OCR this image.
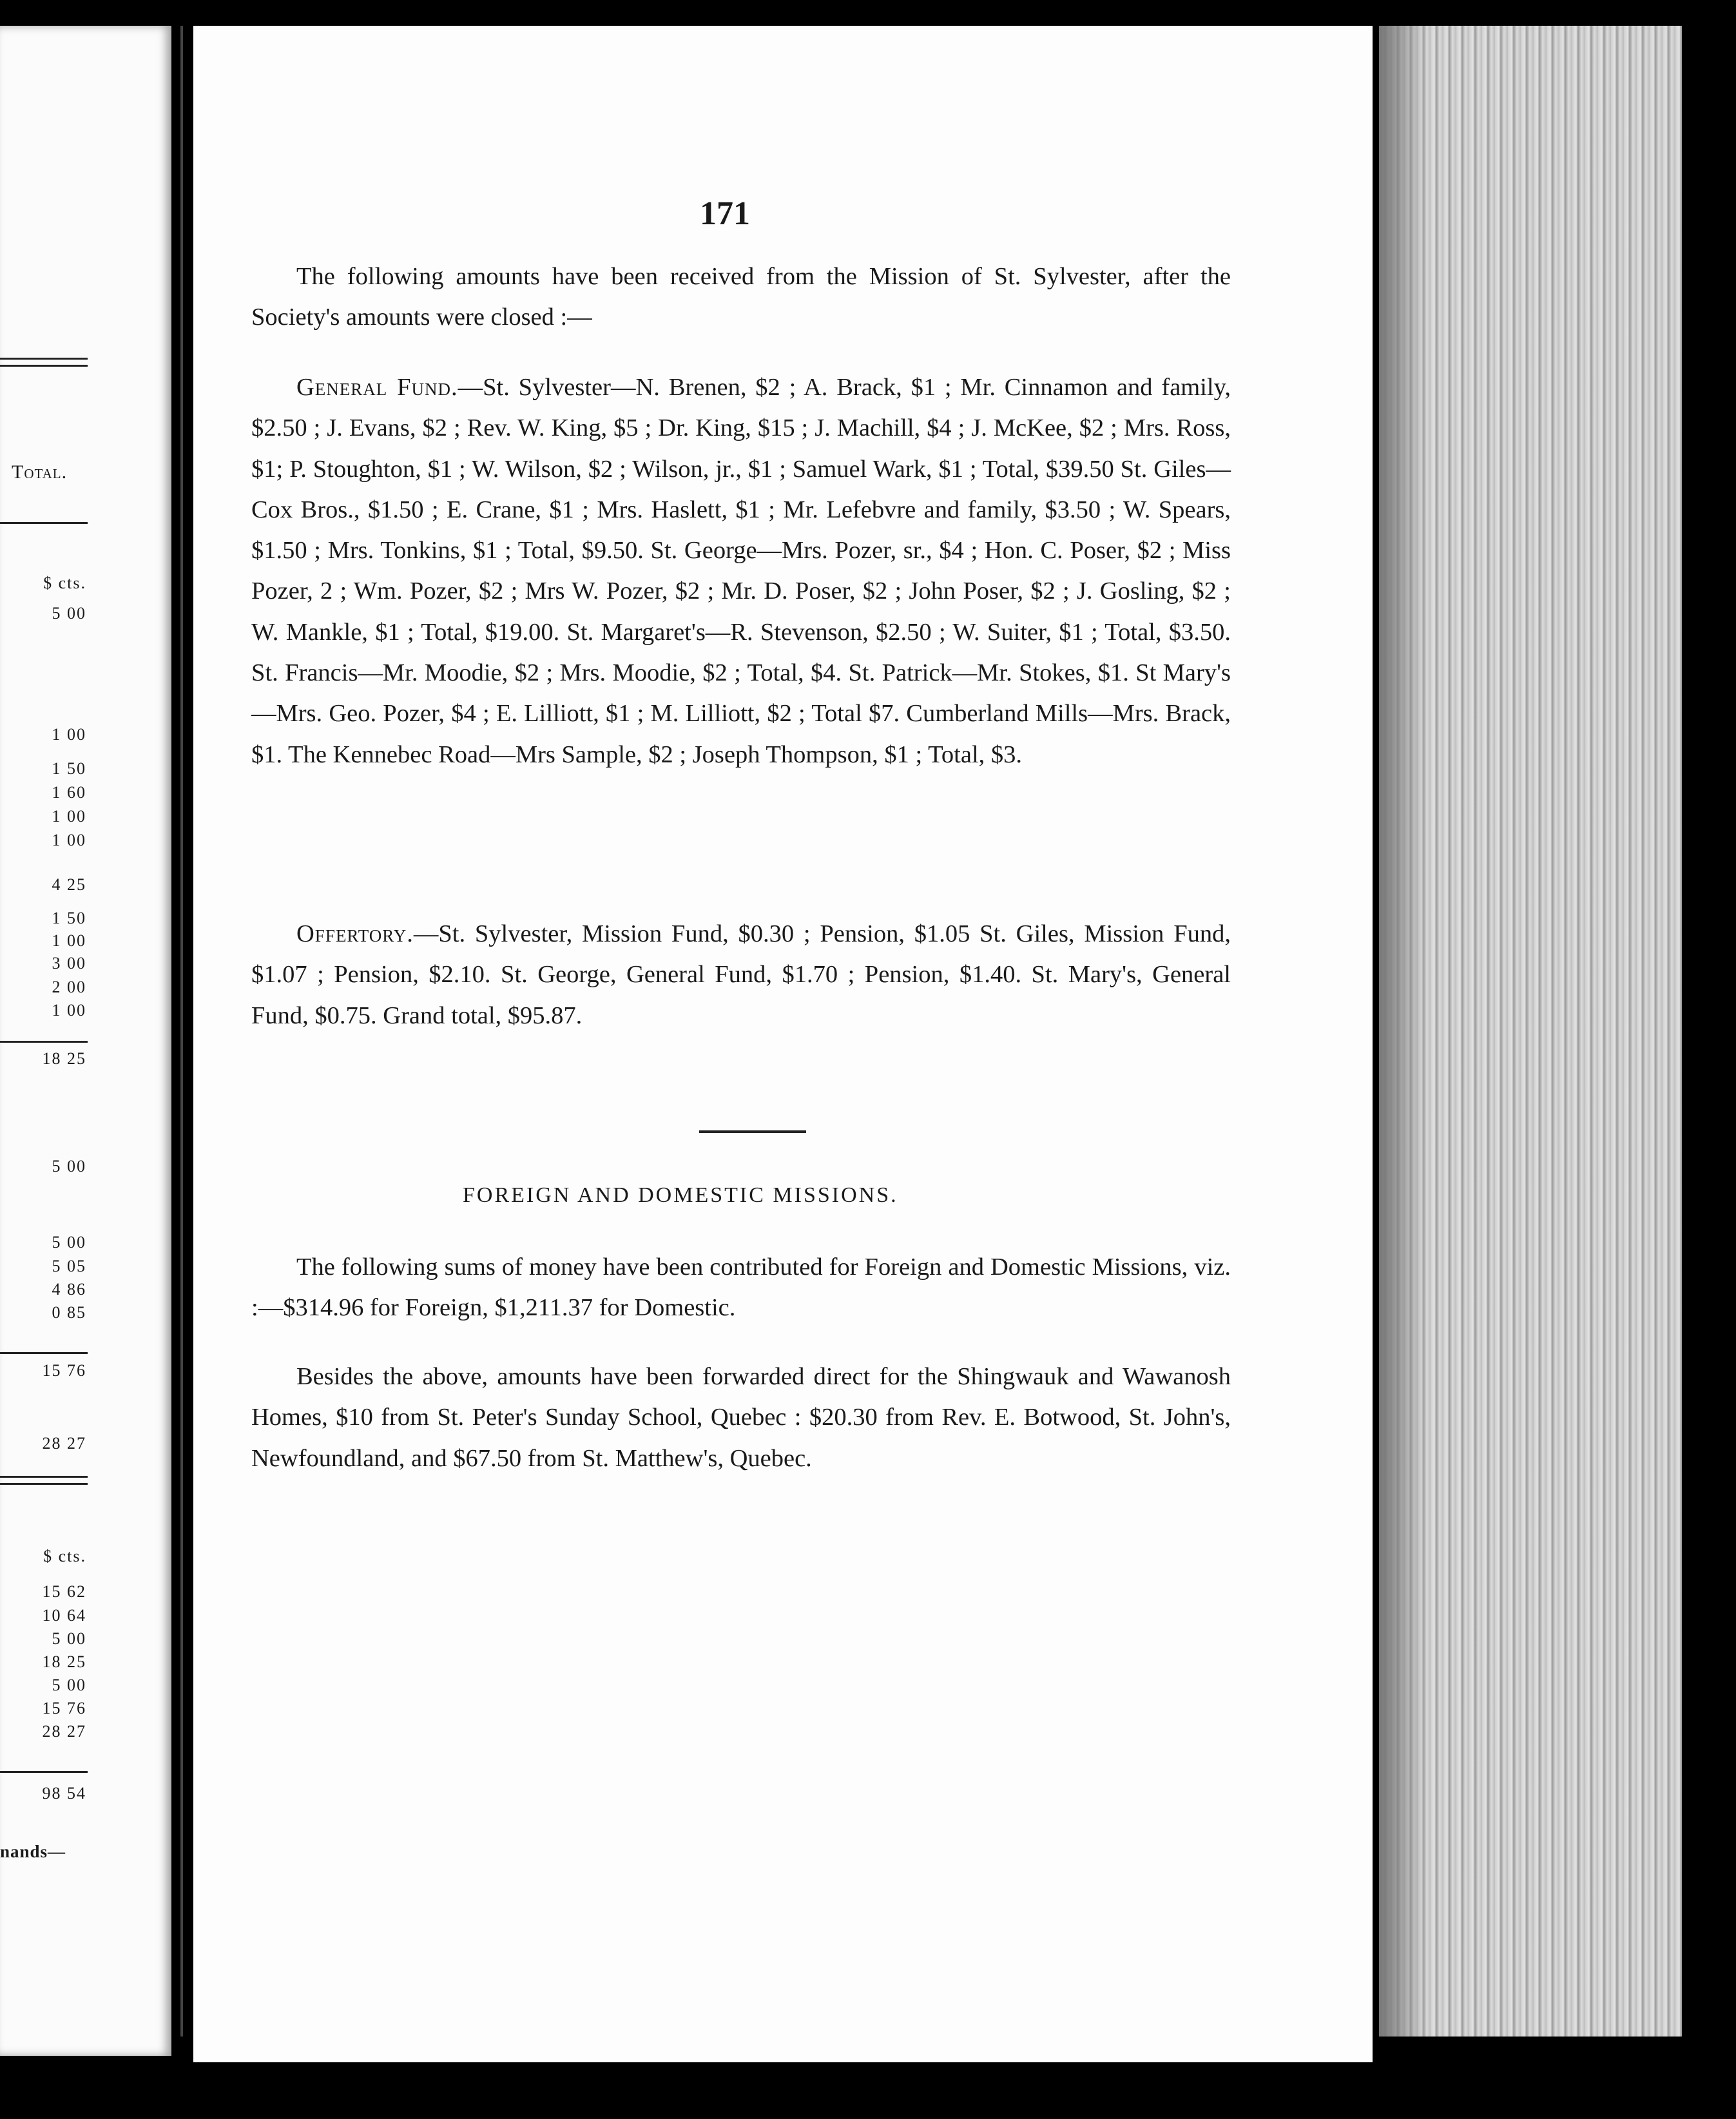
Total.
$ cts.
5 00
1 00
1 50
1 60
1 00
1 00
4 25
1 50
1 00
3 00
2 00
1 00
18 25
5 00
5 00
5 05
4 86
0 85
15 76
28 27
$ cts.
15 62
10 64
5 00
18 25
5 00
15 76
28 27
98 54
nands—
171
The following amounts have been received from the Mission of St. Sylvester, after the Society's amounts were closed :—
General Fund.—St. Sylvester—N. Brenen, $2 ; A. Brack, $1 ; Mr. Cinnamon and family, $2.50 ; J. Evans, $2 ; Rev. W. King, $5 ; Dr. King, $15 ; J. Machill, $4 ; J. McKee, $2 ; Mrs. Ross, $1; P. Stoughton, $1 ; W. Wilson, $2 ; Wilson, jr., $1 ; Samuel Wark, $1 ; Total, $39.50 St. Giles—Cox Bros., $1.50 ; E. Crane, $1 ; Mrs. Haslett, $1 ; Mr. Lefebvre and family, $3.50 ; W. Spears, $1.50 ; Mrs. Tonkins, $1 ; Total, $9.50. St. George—Mrs. Pozer, sr., $4 ; Hon. C. Poser, $2 ; Miss Pozer, 2 ; Wm. Pozer, $2 ; Mrs W. Pozer, $2 ; Mr. D. Poser, $2 ; John Poser, $2 ; J. Gosling, $2 ; W. Mankle, $1 ; Total, $19.00. St. Margaret's—R. Stevenson, $2.50 ; W. Suiter, $1 ; Total, $3.50. St. Francis—Mr. Moodie, $2 ; Mrs. Moodie, $2 ; Total, $4. St. Patrick—Mr. Stokes, $1. St Mary's—Mrs. Geo. Pozer, $4 ; E. Lilliott, $1 ; M. Lilliott, $2 ; Total $7. Cumberland Mills—Mrs. Brack, $1. The Kennebec Road—Mrs Sample, $2 ; Joseph Thompson, $1 ; Total, $3.
Offertory.—St. Sylvester, Mission Fund, $0.30 ; Pension, $1.05 St. Giles, Mission Fund, $1.07 ; Pension, $2.10. St. George, General Fund, $1.70 ; Pension, $1.40. St. Mary's, General Fund, $0.75. Grand total, $95.87.
FOREIGN AND DOMESTIC MISSIONS.
The following sums of money have been contributed for Foreign and Domestic Missions, viz. :—$314.96 for Foreign, $1,211.37 for Domestic.
Besides the above, amounts have been forwarded direct for the Shingwauk and Wawanosh Homes, $10 from St. Peter's Sunday School, Quebec : $20.30 from Rev. E. Botwood, St. John's, Newfoundland, and $67.50 from St. Matthew's, Quebec.
